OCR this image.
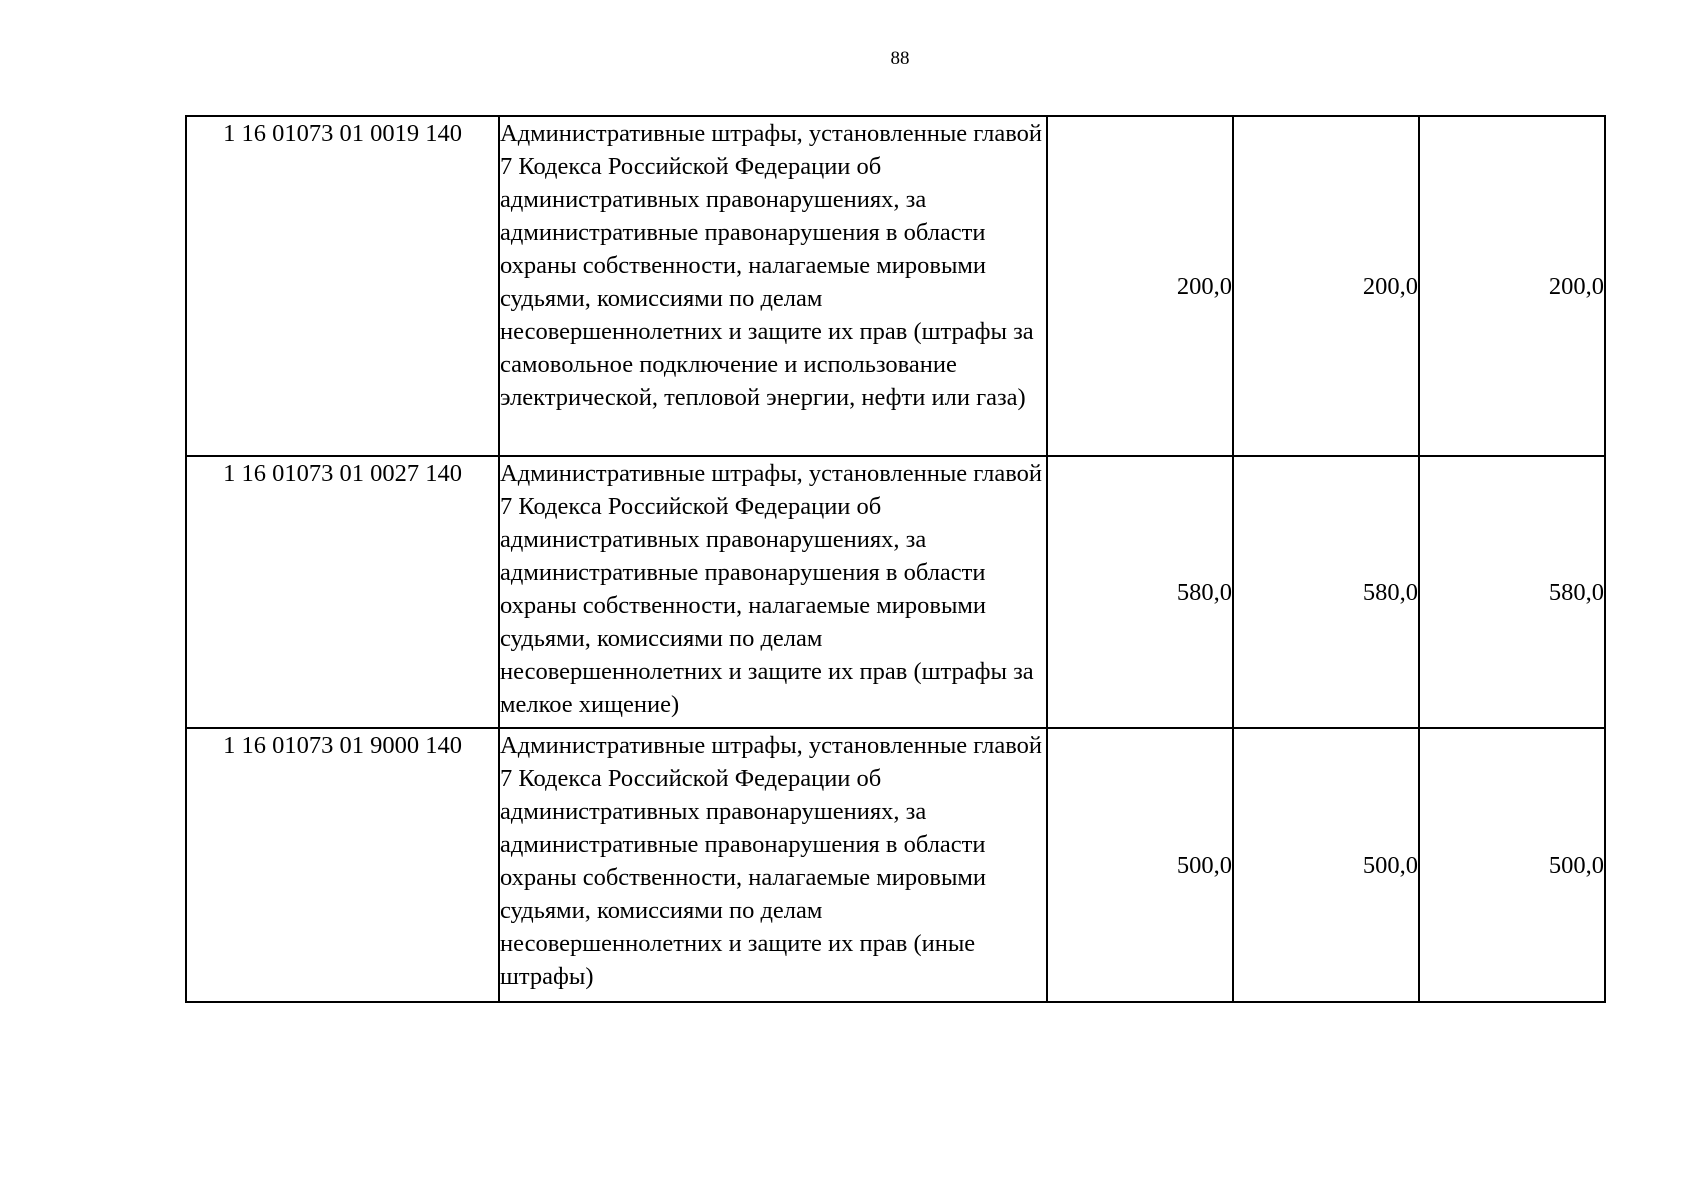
88
1 16 01073 01 0019 140	Административные штрафы, установленные главой 7 Кодекса Российской Федерации об административных правонарушениях, за административные правонарушения в области охраны собственности, налагаемые мировыми судьями, комиссиями по делам несовершеннолетних и защите их прав (штрафы за самовольное подключение и использование электрической, тепловой энергии, нефти или газа)	200,0	200,0	200,0
1 16 01073 01 0027 140	Административные штрафы, установленные главой 7 Кодекса Российской Федерации об административных правонарушениях, за административные правонарушения в области охраны собственности, налагаемые мировыми судьями, комиссиями по делам несовершеннолетних и защите их прав (штрафы за мелкое хищение)	580,0	580,0	580,0
1 16 01073 01 9000 140	Административные штрафы, установленные главой 7 Кодекса Российской Федерации об административных правонарушениях, за административные правонарушения в области охраны собственности, налагаемые мировыми судьями, комиссиями по делам несовершеннолетних и защите их прав (иные штрафы)	500,0	500,0	500,0
